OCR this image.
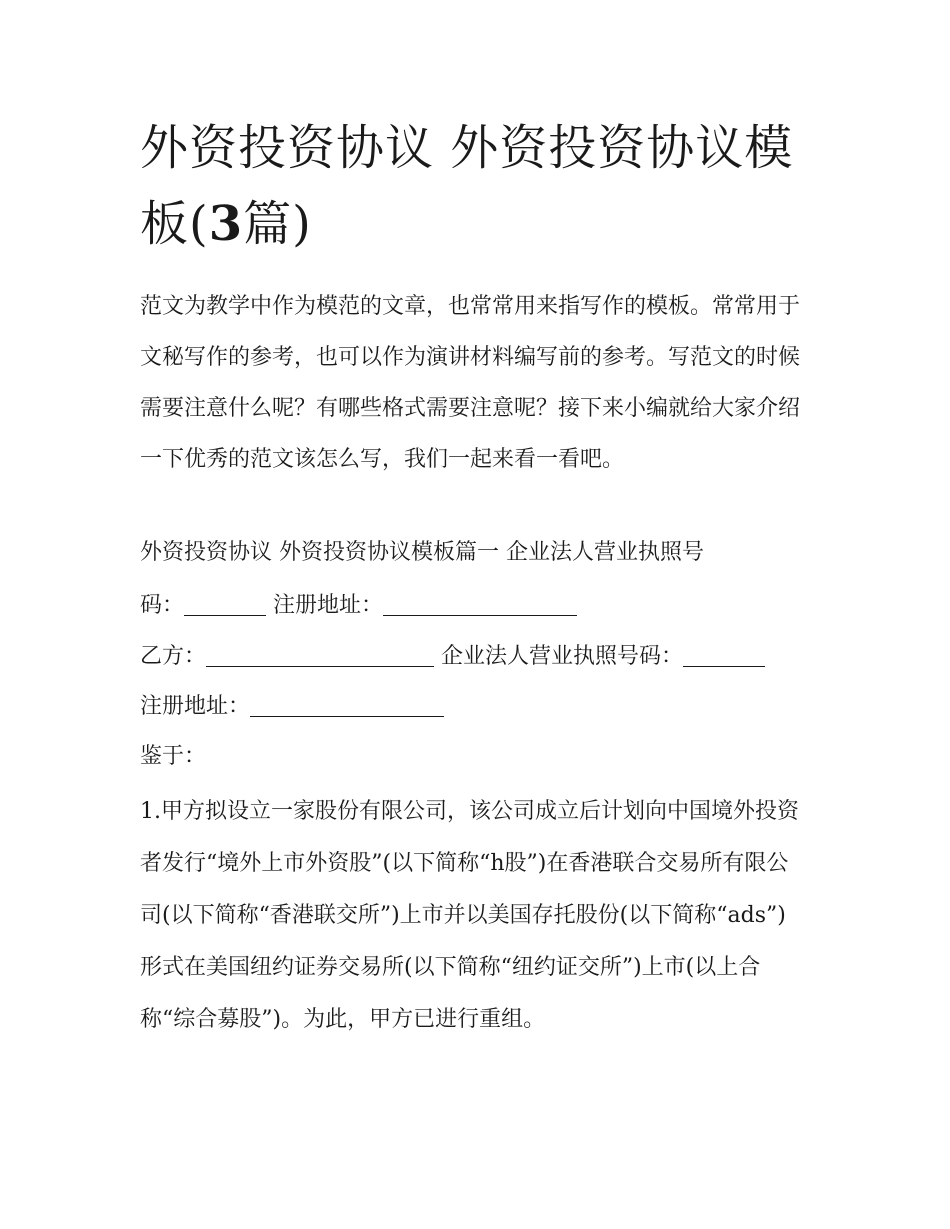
外资投资协议 外资投资协议模板(3篇)

范文为教学中作为模范的文章，也常常用来指写作的模板。常常用于文秘写作的参考，也可以作为演讲材料编写前的参考。写范文的时候需要注意什么呢？有哪些格式需要注意呢？接下来小编就给大家介绍一下优秀的范文该怎么写，我们一起来看一看吧。

外资投资协议 外资投资协议模板篇一 企业法人营业执照号

码：	注册地址：

乙方：	企业法人营业执照号码：

注册地址：

鉴于：

1.甲方拟设立一家股份有限公司，该公司成立后计划向中国境外投资者发行“境外上市外资股”(以下简称“h股”)在香港联合交易所有限公司(以下简称“香港联交所”)上市并以美国存托股份(以下简称“ads”)形式在美国纽约证券交易所(以下简称“纽约证交所”)上市(以上合称“综合募股”)。为此，甲方已进行重组。
